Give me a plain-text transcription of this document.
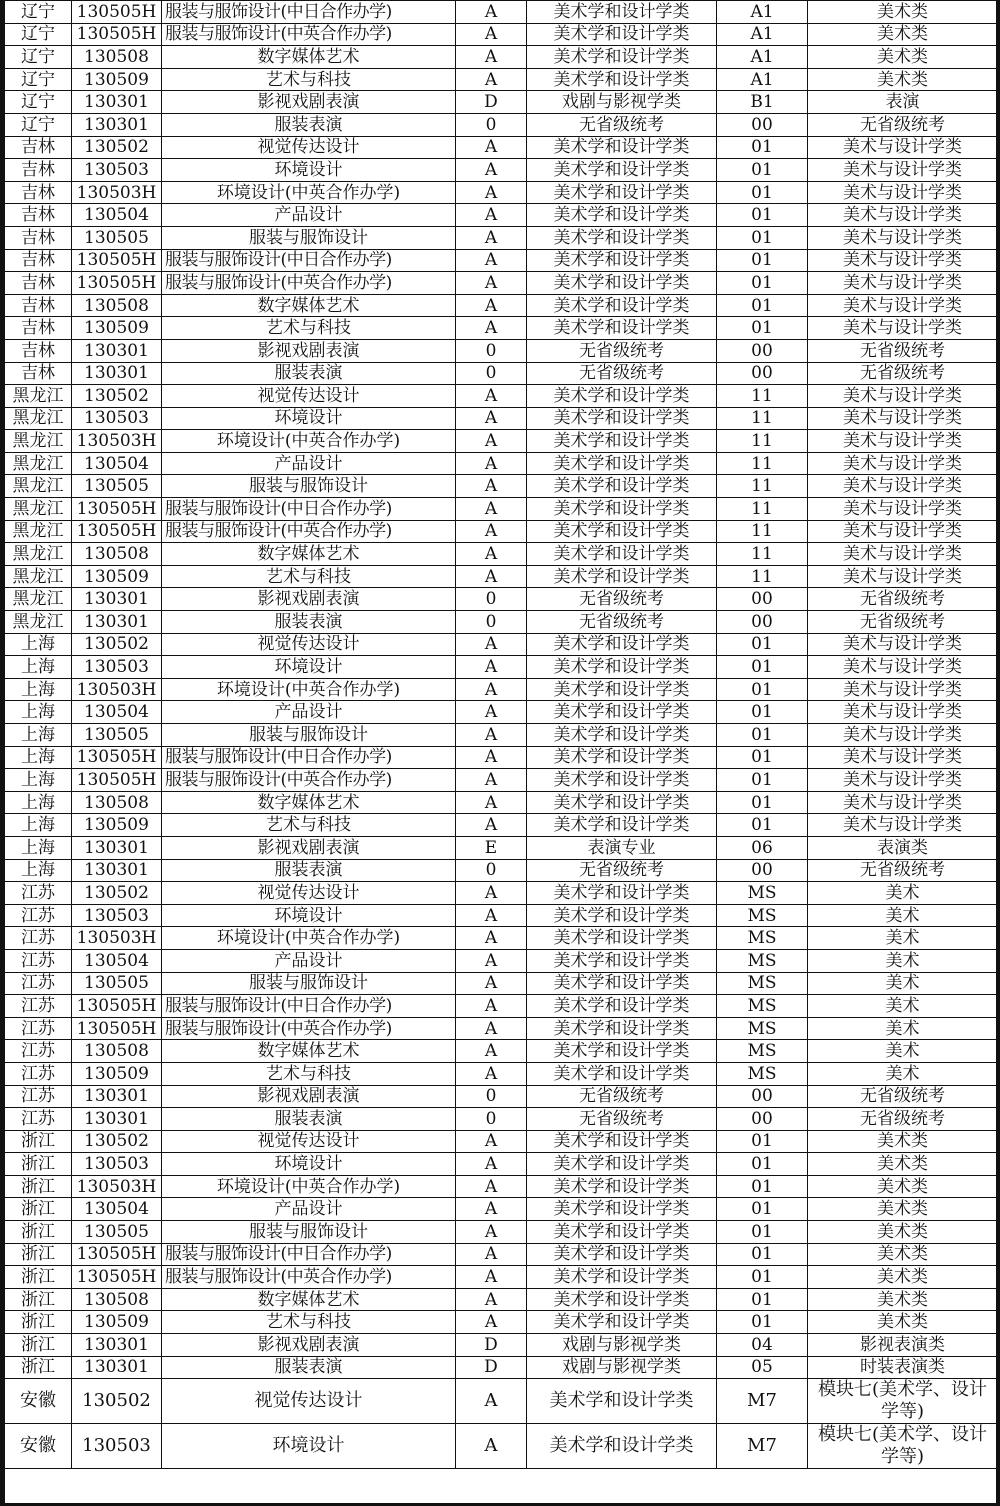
辽宁	130505H	服装与服饰设计(中日合作办学)	A	美术学和设计学类	A1	美术类
辽宁	130505H	服装与服饰设计(中英合作办学)	A	美术学和设计学类	A1	美术类
辽宁	130508	数字媒体艺术	A	美术学和设计学类	A1	美术类
辽宁	130509	艺术与科技	A	美术学和设计学类	A1	美术类
辽宁	130301	影视戏剧表演	D	戏剧与影视学类	B1	表演
辽宁	130301	服装表演	0	无省级统考	00	无省级统考
吉林	130502	视觉传达设计	A	美术学和设计学类	01	美术与设计学类
吉林	130503	环境设计	A	美术学和设计学类	01	美术与设计学类
吉林	130503H	环境设计(中英合作办学)	A	美术学和设计学类	01	美术与设计学类
吉林	130504	产品设计	A	美术学和设计学类	01	美术与设计学类
吉林	130505	服装与服饰设计	A	美术学和设计学类	01	美术与设计学类
吉林	130505H	服装与服饰设计(中日合作办学)	A	美术学和设计学类	01	美术与设计学类
吉林	130505H	服装与服饰设计(中英合作办学)	A	美术学和设计学类	01	美术与设计学类
吉林	130508	数字媒体艺术	A	美术学和设计学类	01	美术与设计学类
吉林	130509	艺术与科技	A	美术学和设计学类	01	美术与设计学类
吉林	130301	影视戏剧表演	0	无省级统考	00	无省级统考
吉林	130301	服装表演	0	无省级统考	00	无省级统考
黑龙江	130502	视觉传达设计	A	美术学和设计学类	11	美术与设计学类
黑龙江	130503	环境设计	A	美术学和设计学类	11	美术与设计学类
黑龙江	130503H	环境设计(中英合作办学)	A	美术学和设计学类	11	美术与设计学类
黑龙江	130504	产品设计	A	美术学和设计学类	11	美术与设计学类
黑龙江	130505	服装与服饰设计	A	美术学和设计学类	11	美术与设计学类
黑龙江	130505H	服装与服饰设计(中日合作办学)	A	美术学和设计学类	11	美术与设计学类
黑龙江	130505H	服装与服饰设计(中英合作办学)	A	美术学和设计学类	11	美术与设计学类
黑龙江	130508	数字媒体艺术	A	美术学和设计学类	11	美术与设计学类
黑龙江	130509	艺术与科技	A	美术学和设计学类	11	美术与设计学类
黑龙江	130301	影视戏剧表演	0	无省级统考	00	无省级统考
黑龙江	130301	服装表演	0	无省级统考	00	无省级统考
上海	130502	视觉传达设计	A	美术学和设计学类	01	美术与设计学类
上海	130503	环境设计	A	美术学和设计学类	01	美术与设计学类
上海	130503H	环境设计(中英合作办学)	A	美术学和设计学类	01	美术与设计学类
上海	130504	产品设计	A	美术学和设计学类	01	美术与设计学类
上海	130505	服装与服饰设计	A	美术学和设计学类	01	美术与设计学类
上海	130505H	服装与服饰设计(中日合作办学)	A	美术学和设计学类	01	美术与设计学类
上海	130505H	服装与服饰设计(中英合作办学)	A	美术学和设计学类	01	美术与设计学类
上海	130508	数字媒体艺术	A	美术学和设计学类	01	美术与设计学类
上海	130509	艺术与科技	A	美术学和设计学类	01	美术与设计学类
上海	130301	影视戏剧表演	E	表演专业	06	表演类
上海	130301	服装表演	0	无省级统考	00	无省级统考
江苏	130502	视觉传达设计	A	美术学和设计学类	MS	美术
江苏	130503	环境设计	A	美术学和设计学类	MS	美术
江苏	130503H	环境设计(中英合作办学)	A	美术学和设计学类	MS	美术
江苏	130504	产品设计	A	美术学和设计学类	MS	美术
江苏	130505	服装与服饰设计	A	美术学和设计学类	MS	美术
江苏	130505H	服装与服饰设计(中日合作办学)	A	美术学和设计学类	MS	美术
江苏	130505H	服装与服饰设计(中英合作办学)	A	美术学和设计学类	MS	美术
江苏	130508	数字媒体艺术	A	美术学和设计学类	MS	美术
江苏	130509	艺术与科技	A	美术学和设计学类	MS	美术
江苏	130301	影视戏剧表演	0	无省级统考	00	无省级统考
江苏	130301	服装表演	0	无省级统考	00	无省级统考
浙江	130502	视觉传达设计	A	美术学和设计学类	01	美术类
浙江	130503	环境设计	A	美术学和设计学类	01	美术类
浙江	130503H	环境设计(中英合作办学)	A	美术学和设计学类	01	美术类
浙江	130504	产品设计	A	美术学和设计学类	01	美术类
浙江	130505	服装与服饰设计	A	美术学和设计学类	01	美术类
浙江	130505H	服装与服饰设计(中日合作办学)	A	美术学和设计学类	01	美术类
浙江	130505H	服装与服饰设计(中英合作办学)	A	美术学和设计学类	01	美术类
浙江	130508	数字媒体艺术	A	美术学和设计学类	01	美术类
浙江	130509	艺术与科技	A	美术学和设计学类	01	美术类
浙江	130301	影视戏剧表演	D	戏剧与影视学类	04	影视表演类
浙江	130301	服装表演	D	戏剧与影视学类	05	时装表演类
安徽	130502	视觉传达设计	A	美术学和设计学类	M7	模块七(美术学、设计学等)
安徽	130503	环境设计	A	美术学和设计学类	M7	模块七(美术学、设计学等)
